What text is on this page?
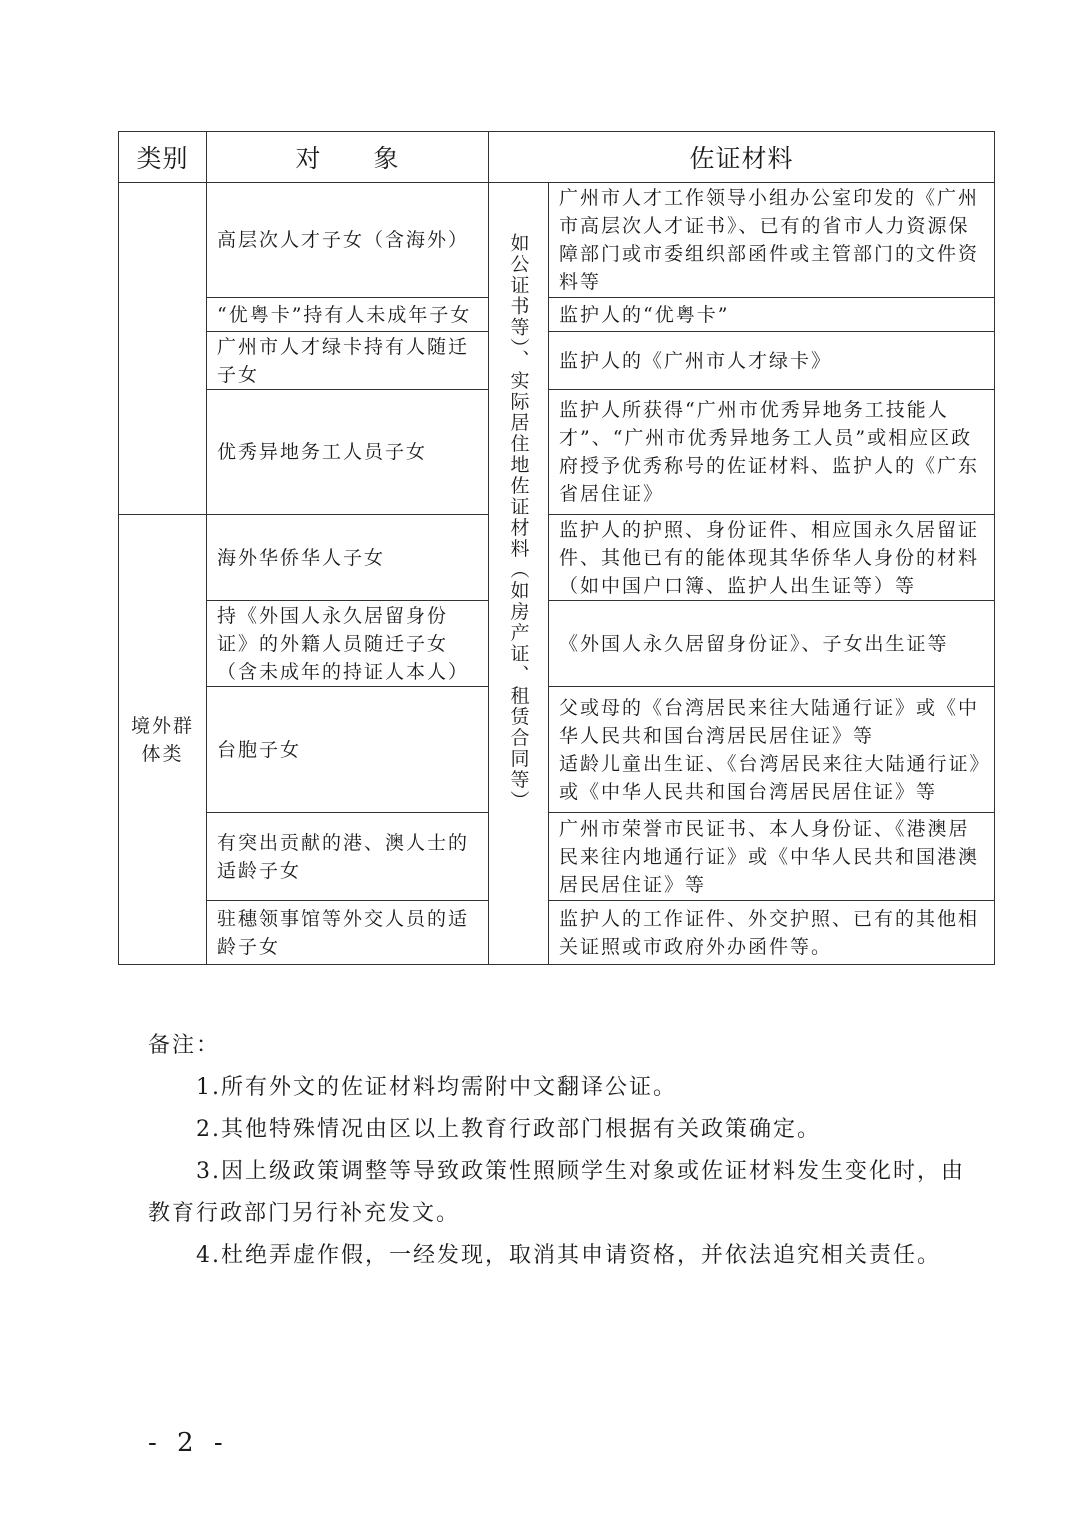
类别	对　　象	佐证材料	
	高层次人才子女（含海外）	如公证书等）、实际居住地佐证材料（如房产证、租赁合同等）	广州市人才工作领导小组办公室印发的《广州市高层次人才证书》、已有的省市人力资源保障部门或市委组织部函件或主管部门的文件资料等
	“优粤卡”持有人未成年子女		监护人的“优粤卡”
	广州市人才绿卡持有人随迁子女		监护人的《广州市人才绿卡》
	优秀异地务工人员子女		监护人所获得“广州市优秀异地务工技能人才”、“广州市优秀异地务工人员”或相应区政府授予优秀称号的佐证材料、监护人的《广东省居住证》

境外群体类	海外华侨华人子女		监护人的护照、身份证件、相应国永久居留证件、其他已有的能体现其华侨华人身份的材料（如中国户口簿、监护人出生证等）等
	持《外国人永久居留身份证》的外籍人员随迁子女（含未成年的持证人本人）		《外国人永久居留身份证》、子女出生证等
	台胞子女		父或母的《台湾居民来往大陆通行证》或《中华人民共和国台湾居民居住证》等
适龄儿童出生证、《台湾居民来往大陆通行证》或《中华人民共和国台湾居民居住证》等

	有突出贡献的港、澳人士的适龄子女		广州市荣誉市民证书、本人身份证、《港澳居民来往内地通行证》或《中华人民共和国港澳居民居住证》等
	驻穗领事馆等外交人员的适龄子女		监护人的工作证件、外交护照、已有的其他相关证照或市政府外办函件等。

备注：

1.所有外文的佐证材料均需附中文翻译公证。

2.其他特殊情况由区以上教育行政部门根据有关政策确定。

3.因上级政策调整等导致政策性照顾学生对象或佐证材料发生变化时，由教育行政部门另行补充发文。

4.杜绝弄虚作假，一经发现，取消其申请资格，并依法追究相关责任。

- 2 -
